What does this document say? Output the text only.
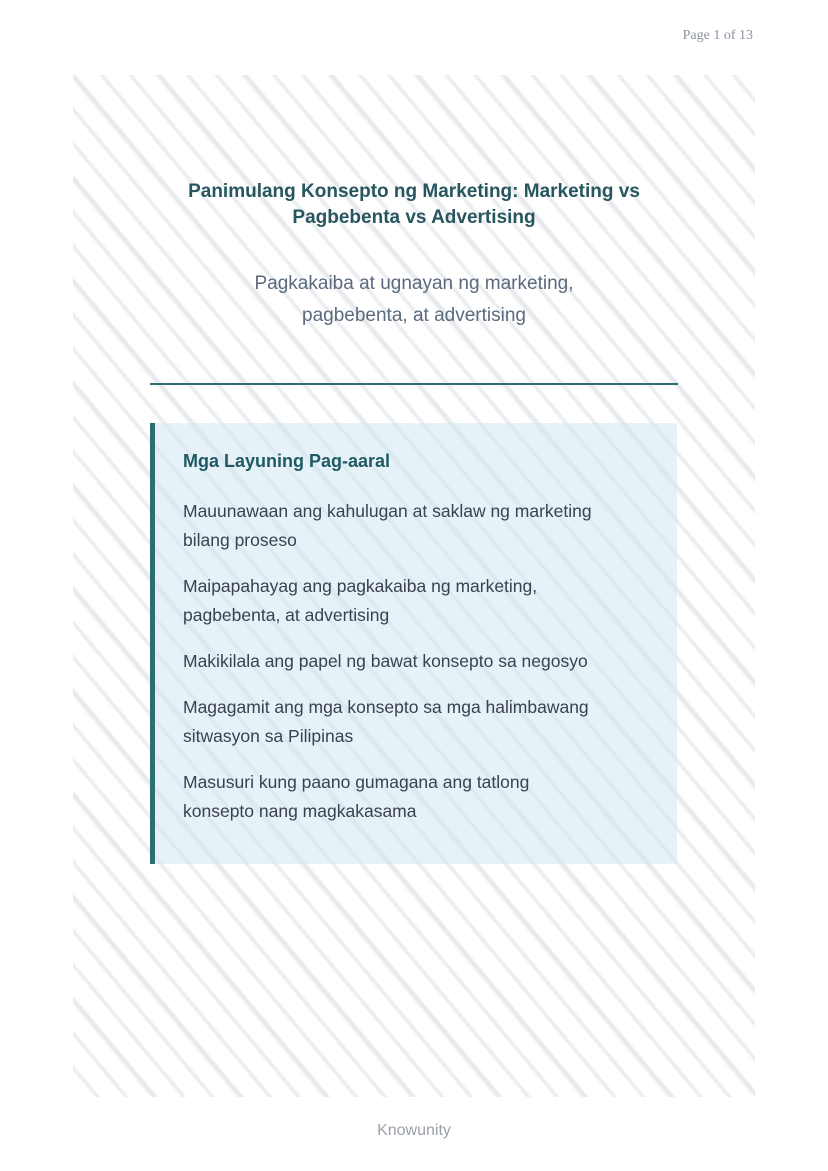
Page 1 of 13
Panimulang Konsepto ng Marketing: Marketing vs
Pagbebenta vs Advertising
Pagkakaiba at ugnayan ng marketing,
pagbebenta, at advertising
Mga Layuning Pag-aaral
Mauunawaan ang kahulugan at saklaw ng marketing
bilang proseso
Maipapahayag ang pagkakaiba ng marketing,
pagbebenta, at advertising
Makikilala ang papel ng bawat konsepto sa negosyo
Magagamit ang mga konsepto sa mga halimbawang
sitwasyon sa Pilipinas
Masusuri kung paano gumagana ang tatlong
konsepto nang magkakasama
Knowunity
